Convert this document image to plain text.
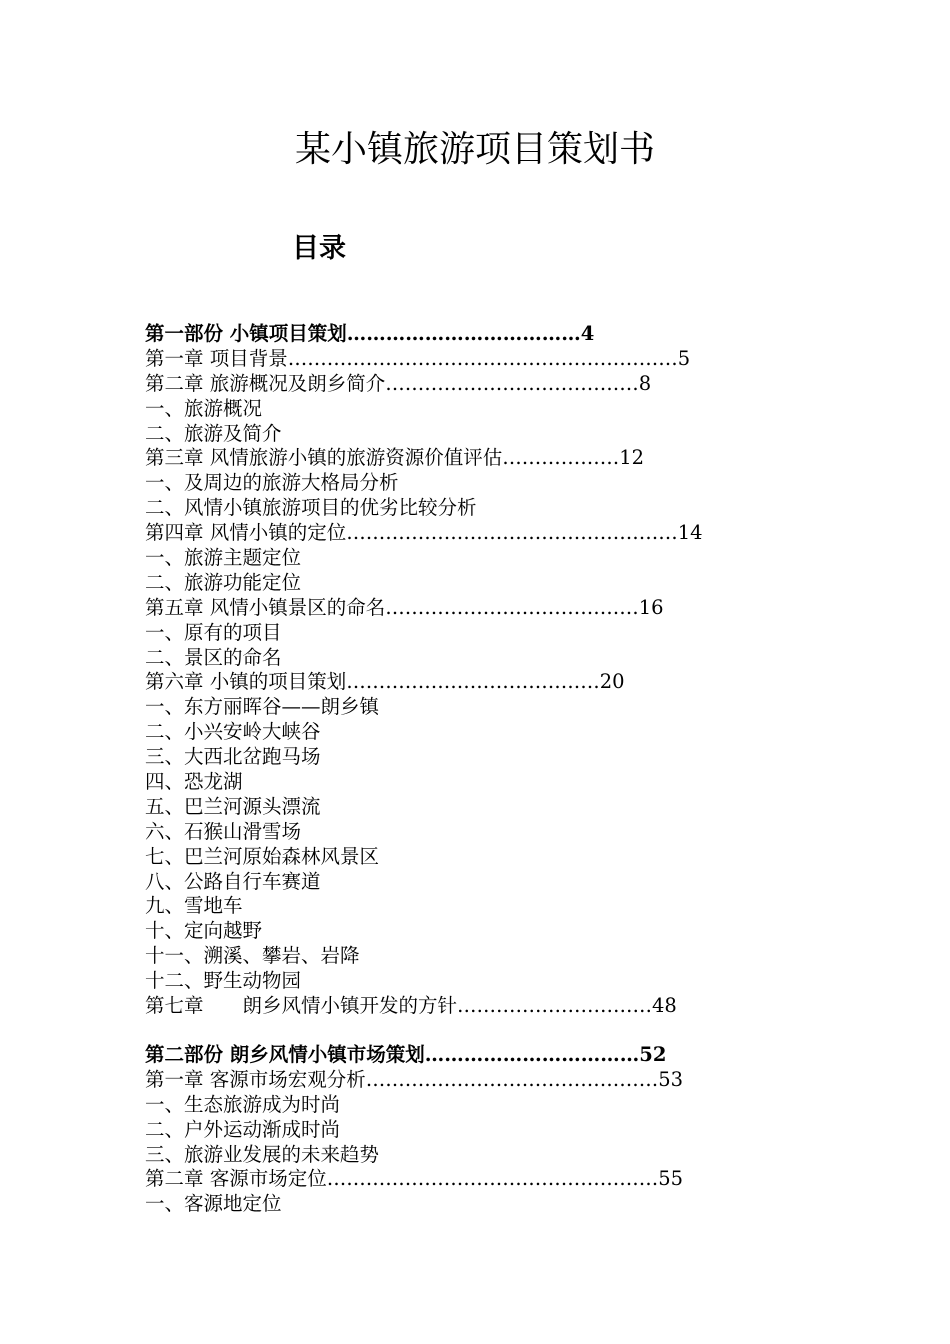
某小镇旅游项目策划书
目录
第一部份 小镇项目策划………………………………4
第一章 项目背景……………………………………………………5
第二章 旅游概况及朗乡简介…………………………………8
一、旅游概况
二、旅游及简介
第三章 风情旅游小镇的旅游资源价值评估………………12
一、及周边的旅游大格局分析
二、风情小镇旅游项目的优劣比较分析
第四章 风情小镇的定位……………………………………………14
一、旅游主题定位
二、旅游功能定位
第五章 风情小镇景区的命名…………………………………16
一、原有的项目
二、景区的命名
第六章 小镇的项目策划…………………………………20
一、东方丽晖谷——朗乡镇
二、小兴安岭大峡谷
三、大西北岔跑马场
四、恐龙湖
五、巴兰河源头漂流
六、石猴山滑雪场
七、巴兰河原始森林风景区
八、公路自行车赛道
九、雪地车
十、定向越野
十一、溯溪、攀岩、岩降
十二、野生动物园
第七章　　朗乡风情小镇开发的方针…………………………48
第二部份 朗乡风情小镇市场策划……………………………52
第一章 客源市场宏观分析………………………………………53
一、生态旅游成为时尚
二、户外运动渐成时尚
三、旅游业发展的未来趋势
第二章 客源市场定位……………………………………………55
一、客源地定位
